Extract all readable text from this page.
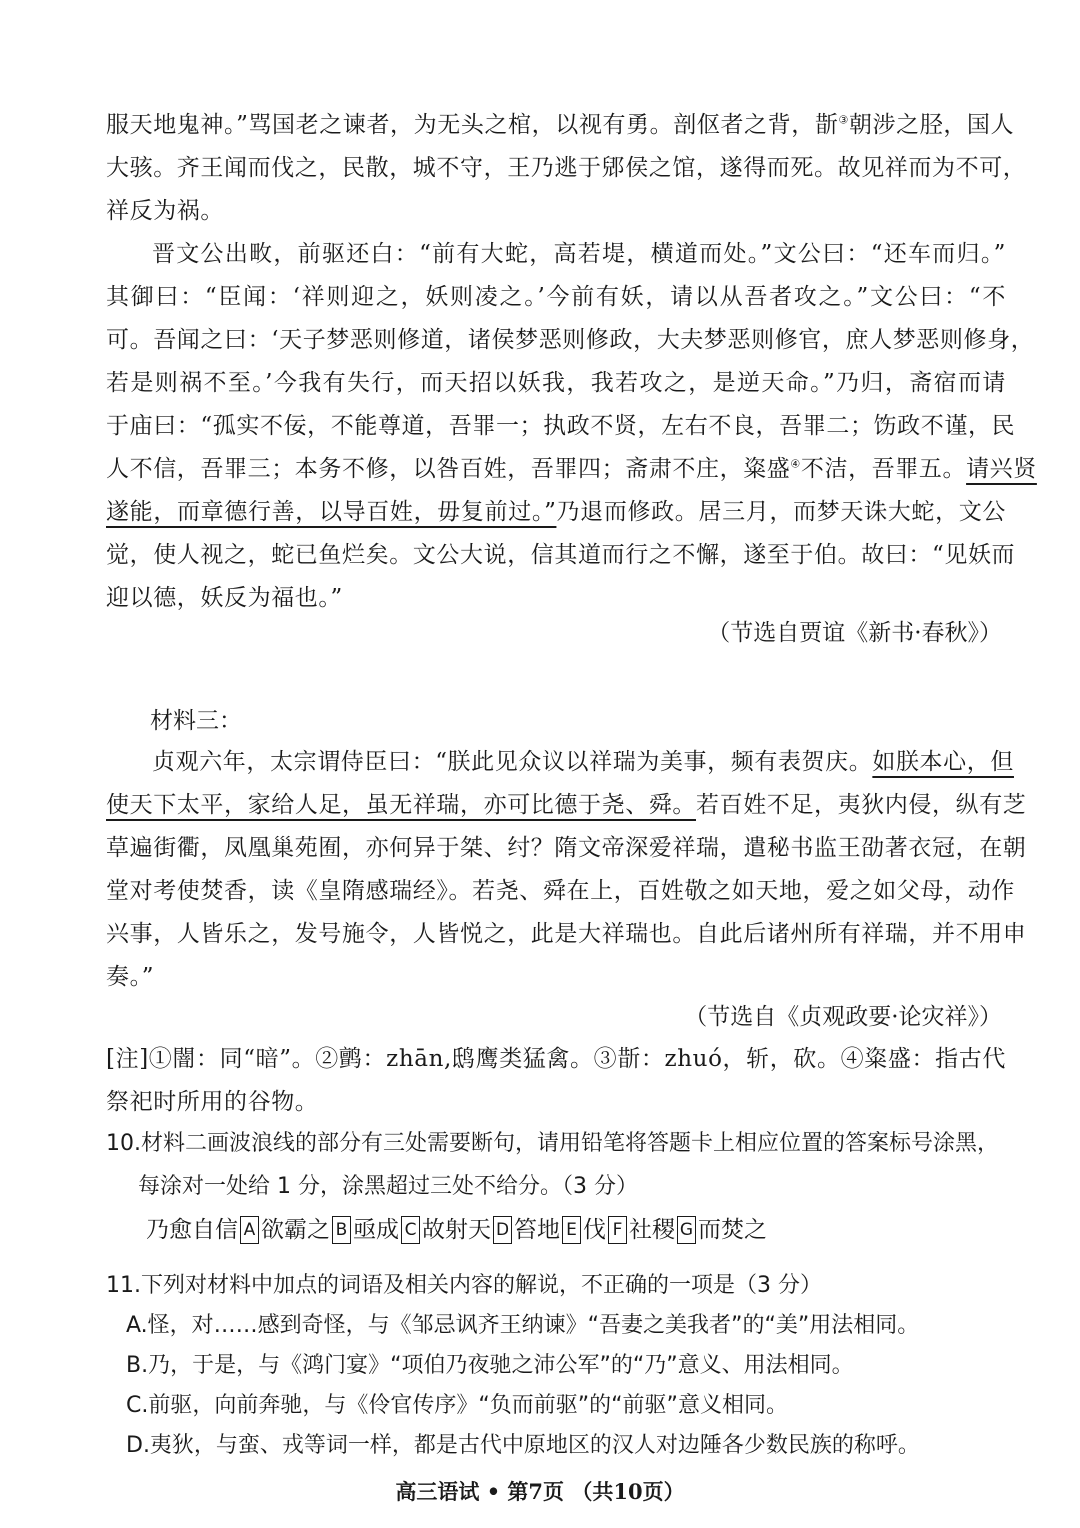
服天地鬼神。”骂国老之谏者，为无头之棺，以视有勇。剖伛者之背，斮③朝涉之胫，国人
大骇。齐王闻而伐之，民散，城不守，王乃逃于郳侯之馆，遂得而死。故见祥而为不可，
祥反为祸。
晋文公出畋，前驱还白：“前有大蛇，高若堤，横道而处。”文公曰：“还车而归。”
其御曰：“臣闻：‘祥则迎之，妖则凌之。’今前有妖，请以从吾者攻之。”文公曰：“不
可。吾闻之曰：‘天子梦恶则修道，诸侯梦恶则修政，大夫梦恶则修官，庶人梦恶则修身，
若是则祸不至。’今我有失行，而天招以妖我，我若攻之，是逆天命。”乃归，斋宿而请
于庙曰：“孤实不佞，不能尊道，吾罪一；执政不贤，左右不良，吾罪二；饬政不谨，民
人不信，吾罪三；本务不修，以咎百姓，吾罪四；斋肃不庄，粢盛④不洁，吾罪五。请兴贤
遂能，而章德行善，以导百姓，毋复前过。”乃退而修政。居三月，而梦天诛大蛇，文公
觉，使人视之，蛇已鱼烂矣。文公大说，信其道而行之不懈，遂至于伯。故曰：“见妖而
迎以德，妖反为福也。”
（节选自贾谊《新书·春秋》）
材料三：
贞观六年，太宗谓侍臣曰：“朕此见众议以祥瑞为美事，频有表贺庆。如朕本心，但
使天下太平，家给人足，虽无祥瑞，亦可比德于尧、舜。若百姓不足，夷狄内侵，纵有芝
草遍街衢，凤凰巢苑囿，亦何异于桀、纣？隋文帝深爱祥瑞，遣秘书监王劭著衣冠，在朝
堂对考使焚香，读《皇隋感瑞经》。若尧、舜在上，百姓敬之如天地，爱之如父母，动作
兴事，人皆乐之，发号施令，人皆悦之，此是大祥瑞也。自此后诸州所有祥瑞，并不用申
奏。”
（节选自《贞观政要·论灾祥》）
[注]①闇：同“暗”。②鹯：zhān,鸱鹰类猛禽。③斮：zhuó，斩，砍。④粢盛：指古代
祭祀时所用的谷物。
10.材料二画波浪线的部分有三处需要断句，请用铅笔将答题卡上相应位置的答案标号涂黑，
每涂对一处给 1 分，涂黑超过三处不给分。（3 分）
乃愈自信 A 欲霸之 B 亟成 C 故射天 D 笞地 E 伐 F 社稷 G 而焚之
11.下列对材料中加点的词语及相关内容的解说，不正确的一项是（3 分）
A.怪，对……感到奇怪，与《邹忌讽齐王纳谏》“吾妻之美我者”的“美”用法相同。
B.乃，于是，与《鸿门宴》“项伯乃夜驰之沛公军”的“乃”意义、用法相同。
C.前驱，向前奔驰，与《伶官传序》“负而前驱”的“前驱”意义相同。
D.夷狄，与蛮、戎等词一样，都是古代中原地区的汉人对边陲各少数民族的称呼。
高三语试 • 第7页 （共10页）
